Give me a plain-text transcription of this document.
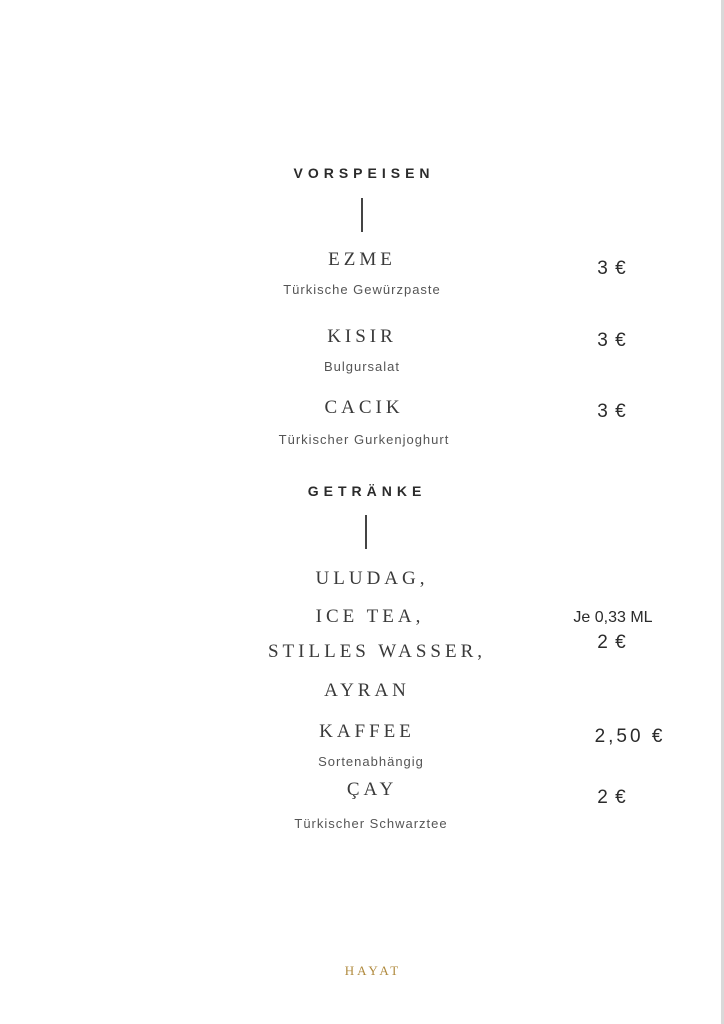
VORSPEISEN
EZME
Türkische Gewürzpaste
3 €
KISIR
Bulgursalat
3 €
CACIK
Türkischer Gurkenjoghurt
3 €
GETRÄNKE
ULUDAG,
ICE TEA,
STILLES WASSER,
AYRAN
Je 0,33 ML
2 €
KAFFEE
Sortenabhängig
2,50 €
ÇAY
Türkischer Schwarztee
2 €
HAYAT
